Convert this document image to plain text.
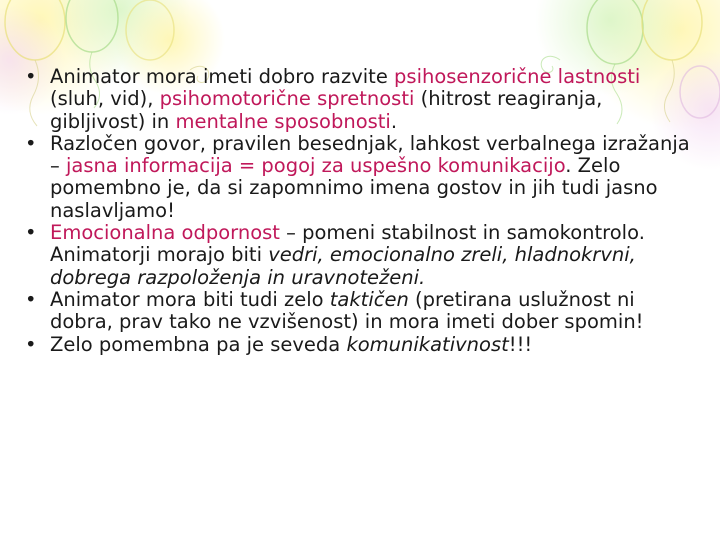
• Animator mora imeti dobro razvite psihosenzorične lastnosti (sluh, vid), psihomotorične spretnosti (hitrost reagiranja, gibljivost) in mentalne sposobnosti.
• Razločen govor, pravilen besednjak, lahkost verbalnega izražanja – jasna informacija = pogoj za uspešno komunikacijo. Zelo pomembno je, da si zapomnimo imena gostov in jih tudi jasno naslavljamo!
• Emocionalna odpornost – pomeni stabilnost in samokontrolo. Animatorji morajo biti vedri, emocionalno zreli, hladnokrvni, dobrega razpoloženja in uravnoteženi.
• Animator mora biti tudi zelo taktičen (pretirana uslužnost ni dobra, prav tako ne vzvišenost) in mora imeti dober spomin!
• Zelo pomembna pa je seveda komunikativnost!!!
